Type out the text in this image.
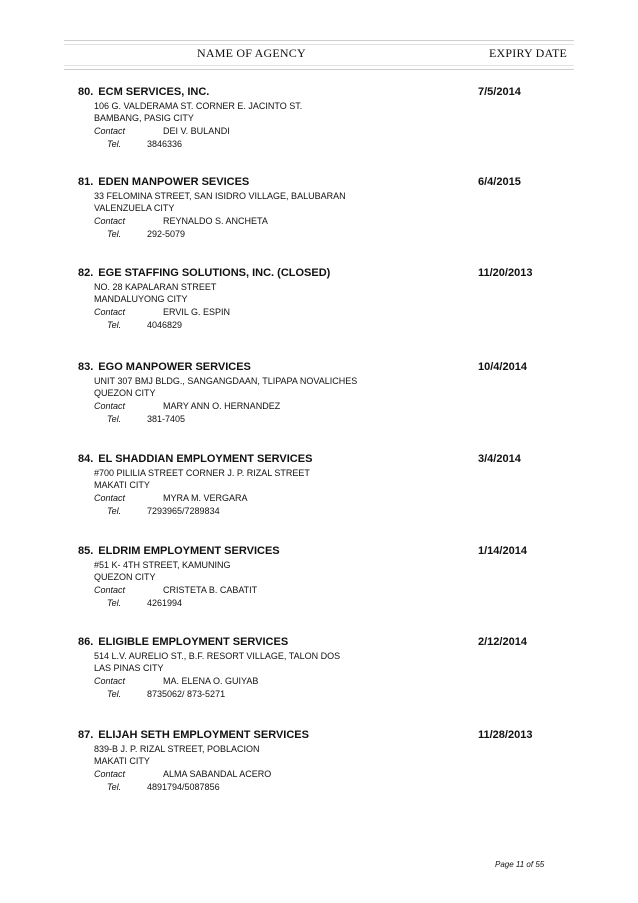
NAME OF AGENCY	EXPIRY DATE
80. ECM SERVICES, INC.	7/5/2014
106 G. VALDERAMA ST. CORNER E. JACINTO ST.
BAMBANG, PASIG CITY
Contact	DEI V. BULANDI
Tel.	3846336
81. EDEN MANPOWER SEVICES	6/4/2015
33 FELOMINA STREET, SAN ISIDRO VILLAGE, BALUBARAN
VALENZUELA CITY
Contact	REYNALDO S. ANCHETA
Tel.	292-5079
82. EGE STAFFING SOLUTIONS, INC. (CLOSED)	11/20/2013
NO. 28 KAPALARAN STREET
MANDALUYONG CITY
Contact	ERVIL G. ESPIN
Tel.	4046829
83. EGO MANPOWER SERVICES	10/4/2014
UNIT 307 BMJ BLDG., SANGANGDAAN, TLIPAPA NOVALICHES
QUEZON CITY
Contact	MARY ANN O. HERNANDEZ
Tel.	381-7405
84. EL SHADDIAN EMPLOYMENT SERVICES	3/4/2014
#700 PILILIA STREET CORNER J. P. RIZAL STREET
MAKATI CITY
Contact	MYRA M. VERGARA
Tel.	7293965/7289834
85. ELDRIM EMPLOYMENT SERVICES	1/14/2014
#51 K- 4TH STREET, KAMUNING
QUEZON CITY
Contact	CRISTETA B. CABATIT
Tel.	4261994
86. ELIGIBLE EMPLOYMENT SERVICES	2/12/2014
514 L.V. AURELIO ST., B.F. RESORT VILLAGE, TALON DOS
LAS PINAS CITY
Contact	MA. ELENA O. GUIYAB
Tel.	8735062/ 873-5271
87. ELIJAH SETH EMPLOYMENT SERVICES	11/28/2013
839-B J. P. RIZAL STREET, POBLACION
MAKATI CITY
Contact	ALMA SABANDAL ACERO
Tel.	4891794/5087856
Page 11 of 55
